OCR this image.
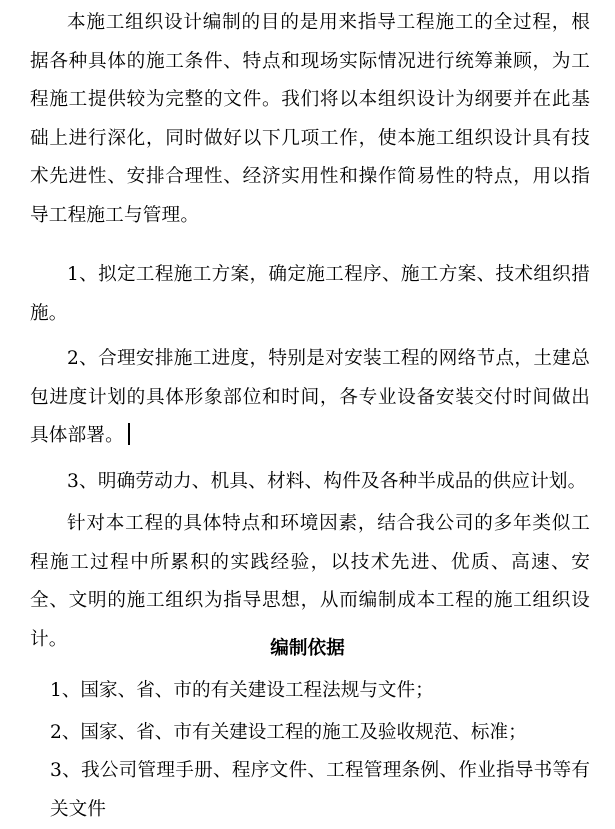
本施工组织设计编制的目的是用来指导工程施工的全过程，根据各种具体的施工条件、特点和现场实际情况进行统筹兼顾，为工程施工提供较为完整的文件。我们将以本组织设计为纲要并在此基础上进行深化，同时做好以下几项工作，使本施工组织设计具有技术先进性、安排合理性、经济实用性和操作简易性的特点，用以指导工程施工与管理。

1、拟定工程施工方案，确定施工程序、施工方案、技术组织措施。

2、合理安排施工进度，特别是对安装工程的网络节点，土建总包进度计划的具体形象部位和时间，各专业设备安装交付时间做出具体部署。

3、明确劳动力、机具、材料、构件及各种半成品的供应计划。

针对本工程的具体特点和环境因素，结合我公司的多年类似工程施工过程中所累积的实践经验，以技术先进、优质、高速、安全、文明的施工组织为指导思想，从而编制成本工程的施工组织设计。	编制依据

1、国家、省、市的有关建设工程法规与文件；

2、国家、省、市有关建设工程的施工及验收规范、标准；

3、我公司管理手册、程序文件、工程管理条例、作业指导书等有关文件
